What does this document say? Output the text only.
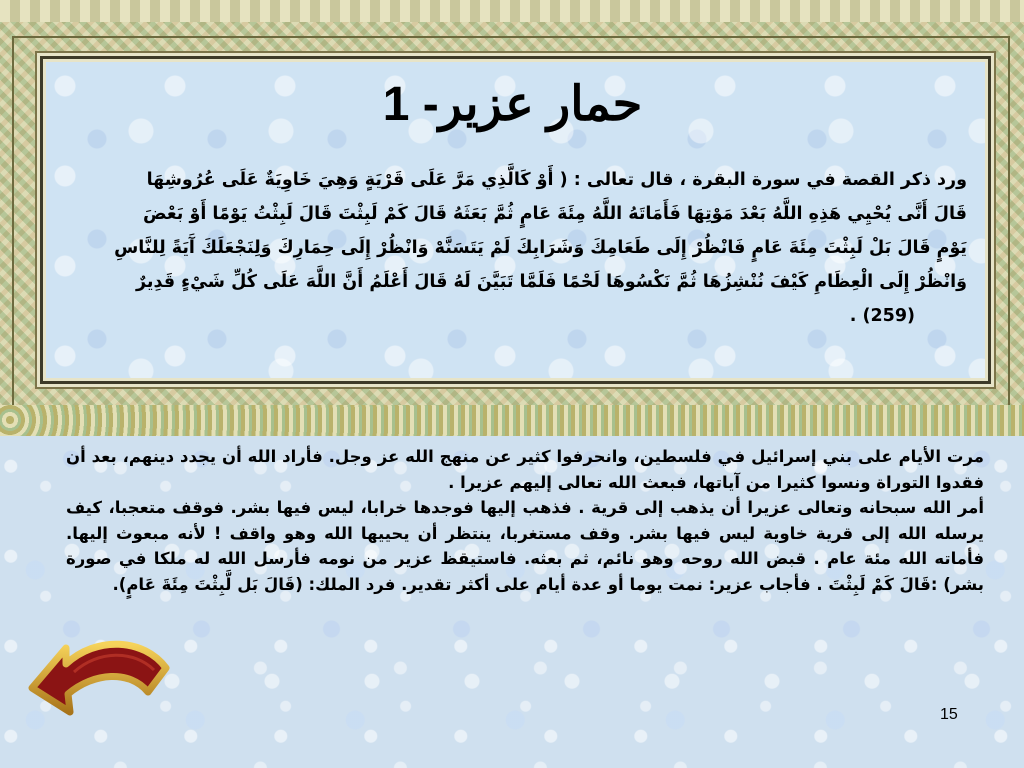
حمار عزير- 1
ورد ذكر القصة في سورة البقرة ، قال تعالى : ( أَوْ كَالَّذِي مَرَّ عَلَى قَرْيَةٍ وَهِيَ خَاوِيَةٌ عَلَى عُرُوشِهَا
قَالَ أَنَّى يُحْيِي هَذِهِ اللَّهُ بَعْدَ مَوْتِهَا فَأَمَاتَهُ اللَّهُ مِئَةَ عَامٍ ثُمَّ بَعَثَهُ قَالَ كَمْ لَبِثْتَ قَالَ لَبِثْتُ يَوْمًا أَوْ بَعْضَ
يَوْمٍ قَالَ بَلْ لَبِثْتَ مِئَةَ عَامٍ فَانْظُرْ إِلَى طَعَامِكَ وَشَرَابِكَ لَمْ يَتَسَنَّهْ وَانْظُرْ إِلَى حِمَارِكَ وَلِنَجْعَلَكَ آَيَةً لِلنَّاسِ
وَانْظُرْ إِلَى الْعِظَامِ كَيْفَ نُنْشِزُهَا ثُمَّ نَكْسُوهَا لَحْمًا فَلَمَّا تَبَيَّنَ لَهُ قَالَ أَعْلَمُ أَنَّ اللَّهَ عَلَى كُلِّ شَيْءٍ قَدِيرٌ
(259) .

مرت الأيام على بني إسرائيل في فلسطين، وانحرفوا كثير عن منهج الله عز وجل. فأراد الله أن يجدد دينهم، بعد أن فقدوا التوراة ونسوا كثيرا من آياتها، فبعث الله تعالى إليهم عزيرا .

أمر الله سبحانه وتعالى عزيرا أن يذهب إلى قرية . فذهب إليها فوجدها خرابا، ليس فيها بشر. فوقف متعجبا، كيف يرسله الله إلى قرية خاوية ليس فيها بشر. وقف مستغربا، ينتظر أن يحييها الله وهو واقف ! لأنه مبعوث إليها. فأماته الله مئة عام . قبض الله روحه وهو نائم، ثم بعثه. فاستيقظ عزير من نومه فأرسل الله له ملكا في صورة بشر) :قَالَ كَمْ لَبِثْتَ . فأجاب عزير: نمت يوما أو عدة أيام على أكثر تقدير. فرد الملك: (قَالَ بَل لَّبِثْتَ مِئَةَ عَامٍ).

15
